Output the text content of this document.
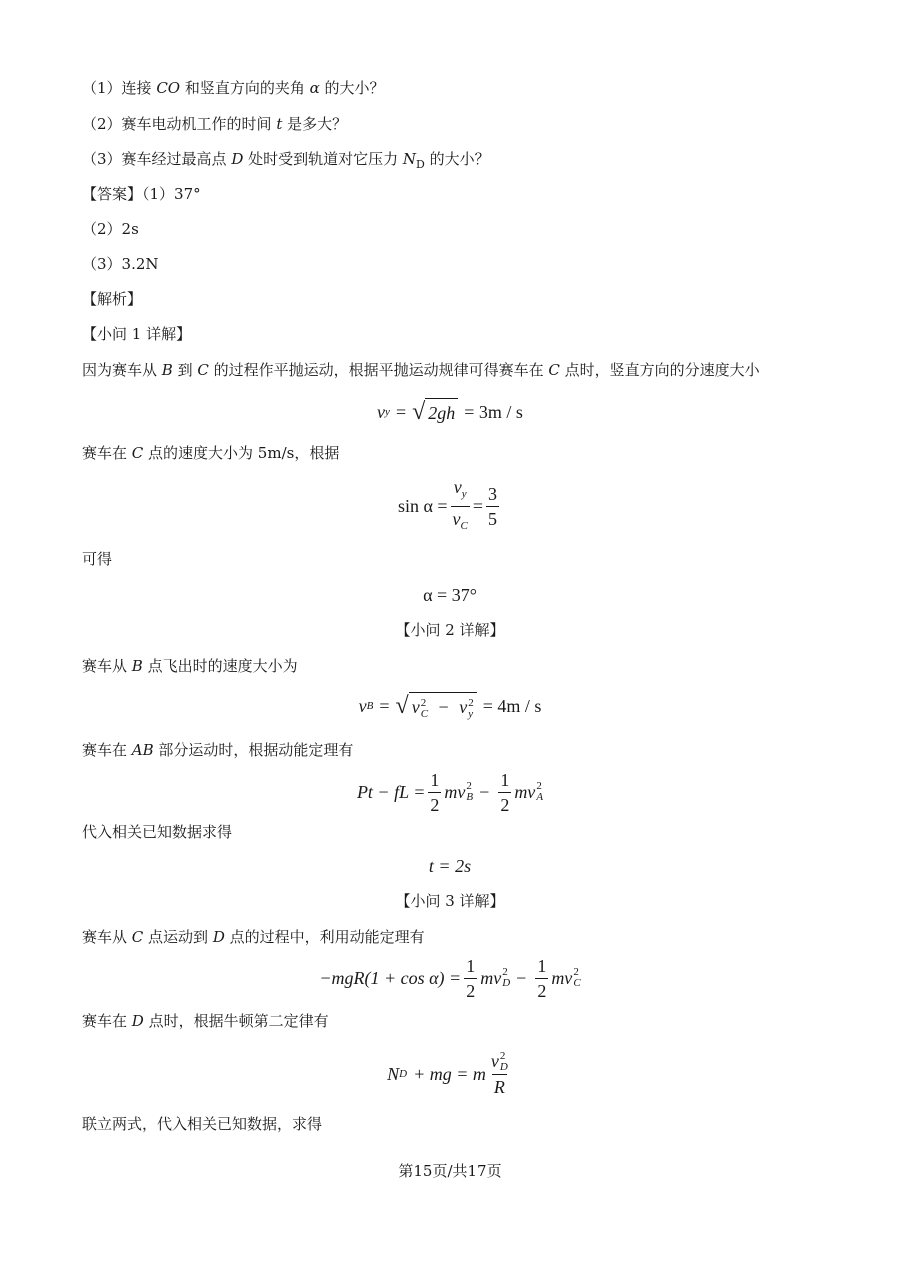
（1）连接 CO 和竖直方向的夹角 α 的大小？
（2）赛车电动机工作的时间 t 是多大？
（3）赛车经过最高点 D 处时受到轨道对它压力 $N_D$ 的大小？
【答案】（1）37°
（2）2s
（3）3.2N
【解析】
【小问 1 详解】
因为赛车从 B 到 C 的过程作平抛运动，根据平抛运动规律可得赛车在 C 点时，竖直方向的分速度大小
v y = √ 2gh = 3m / s
赛车在 C 点的速度大小为 5m/s，根据
$\sin \alpha = \frac{v_y}{v_C} = \frac{3}{5}$
可得
α = 37°
【小问 2 详解】
赛车从 B 点飞出时的速度大小为
v B = √ v 2
C − v 2
y = 4m / s
赛车在 AB 部分运动时，根据动能定理有
Pt − fL = $\frac{1}{2}$ mv 2
$B - \frac{1}{2}$ mv 2
A
代入相关已知数据求得
t = 2s
【小问 3 详解】
赛车从 C 点运动到 D 点的过程中，利用动能定理有
$-mgR(1 + \cos \alpha) = \frac{1}{2}$ mv 2
$D - \frac{1}{2}$ mv 2
C
赛车在 D 点时，根据牛顿第二定律有
N D + mg = m v 2
D
R
联立两式，代入相关已知数据，求得
第15页/共17页
